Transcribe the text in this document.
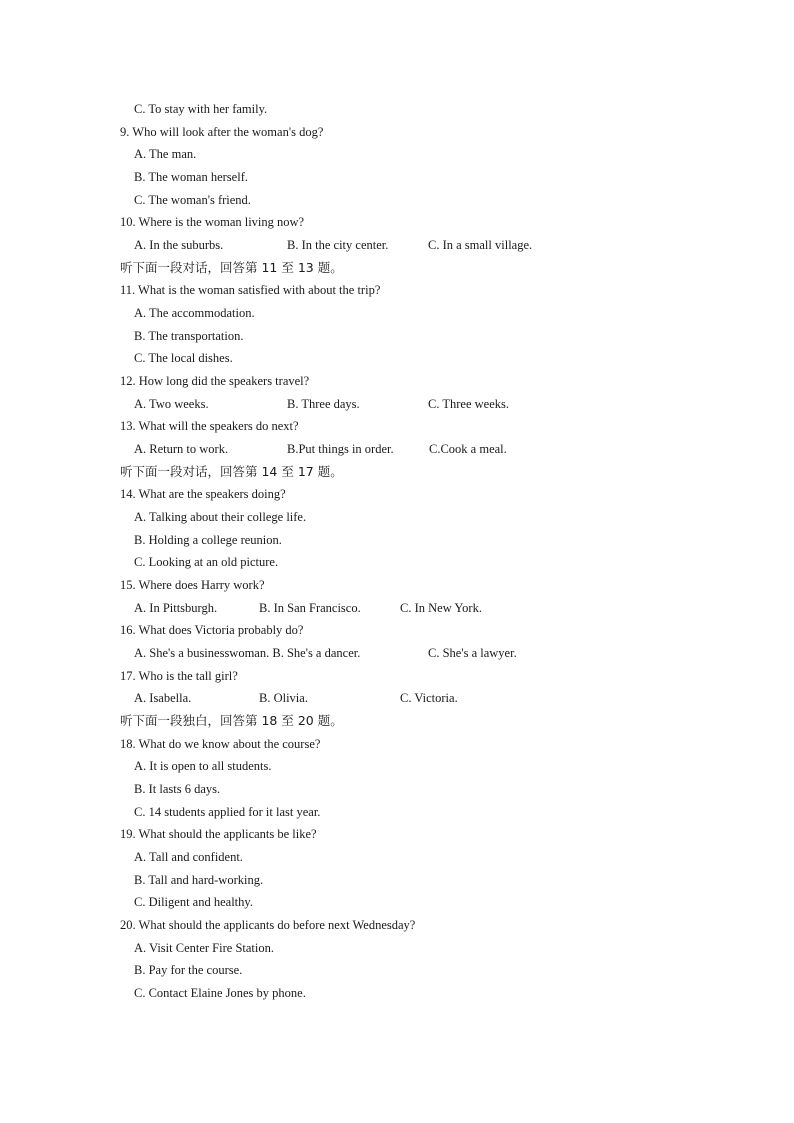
C. To stay with her family.
9. Who will look after the woman's dog?
A. The man.
B. The woman herself.
C. The woman's friend.
10. Where is the woman living now?
A. In the suburbs.	B. In the city center.	C. In a small village.
听下面一段对话，回答第 11 至 13 题。
11. What is the woman satisfied with about the trip?
A. The accommodation.
B. The transportation.
C. The local dishes.
12. How long did the speakers travel?
A. Two weeks.	B. Three days.	C. Three weeks.
13. What will the speakers do next?
A. Return to work.	B.Put things in order.	C.Cook a meal.
听下面一段对话，回答第 14 至 17 题。
14. What are the speakers doing?
A. Talking about their college life.
B. Holding a college reunion.
C. Looking at an old picture.
15. Where does Harry work?
A. In Pittsburgh.	B. In San Francisco.	C. In New York.
16. What does Victoria probably do?
A. She's a businesswoman. B. She's a dancer.	C. She's a lawyer.
17. Who is the tall girl?
A. Isabella.	B. Olivia.	C. Victoria.
听下面一段独白，回答第 18 至 20 题。
18. What do we know about the course?
A. It is open to all students.
B. It lasts 6 days.
C. 14 students applied for it last year.
19. What should the applicants be like?
A. Tall and confident.
B. Tall and hard-working.
C. Diligent and healthy.
20. What should the applicants do before next Wednesday?
A. Visit Center Fire Station.
B. Pay for the course.
C. Contact Elaine Jones by phone.
